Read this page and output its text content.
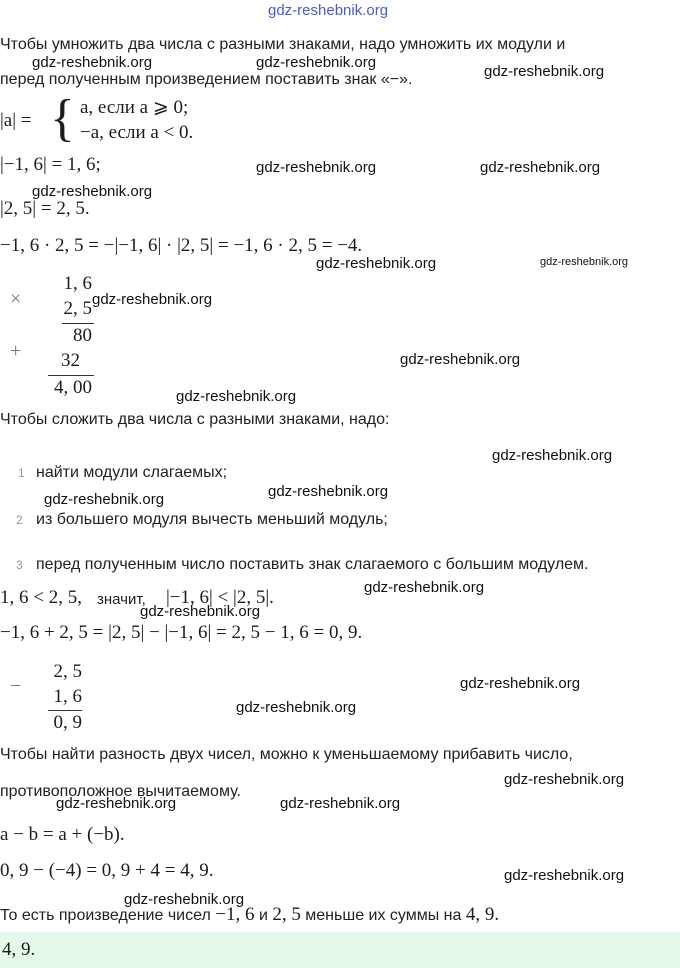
gdz-reshebnik.org
Чтобы умножить два числа с разными знаками, надо умножить их модули и
перед полученным произведением поставить знак «−».
|a| = { a, если a ⩾ 0;
−a, если a < 0.
|−1, 6| = 1, 6;
|2, 5| = 2, 5.
−1, 6 · 2, 5 = −|−1, 6| · |2, 5| = −1, 6 · 2, 5 = −4.
×
1, 6
2, 5
80
+	32
4, 00
Чтобы сложить два числа с разными знаками, надо:
1 найти модули слагаемых;
2 из большего модуля вычесть меньший модуль;
3 перед полученным число поставить знак слагаемого с большим модулем.
1, 6 < 2, 5, значит, |−1, 6| < |2, 5|.
−1, 6 + 2, 5 = |2, 5| − |−1, 6| = 2, 5 − 1, 6 = 0, 9.
−
2, 5
1, 6
0, 9
Чтобы найти разность двух чисел, можно к уменьшаемому прибавить число,
противоположное вычитаемому.
a − b = a + (−b).
0, 9 − (−4) = 0, 9 + 4 = 4, 9.
То есть произведение чисел −1, 6 и 2, 5 меньше их суммы на 4, 9.
4, 9.
gdz-reshebnik.org	gdz-reshebnik.org
gdz-reshebnik.org
gdz-reshebnik.org	gdz-reshebnik.org
gdz-reshebnik.org
gdz-reshebnik.org	gdz-reshebnik.org
gdz-reshebnik.org
gdz-reshebnik.org
gdz-reshebnik.org
gdz-reshebnik.org
gdz-reshebnik.org
gdz-reshebnik.org
gdz-reshebnik.org
gdz-reshebnik.org
gdz-reshebnik.org
gdz-reshebnik.org
gdz-reshebnik.org
gdz-reshebnik.org	gdz-reshebnik.org
gdz-reshebnik.org
gdz-reshebnik.org
